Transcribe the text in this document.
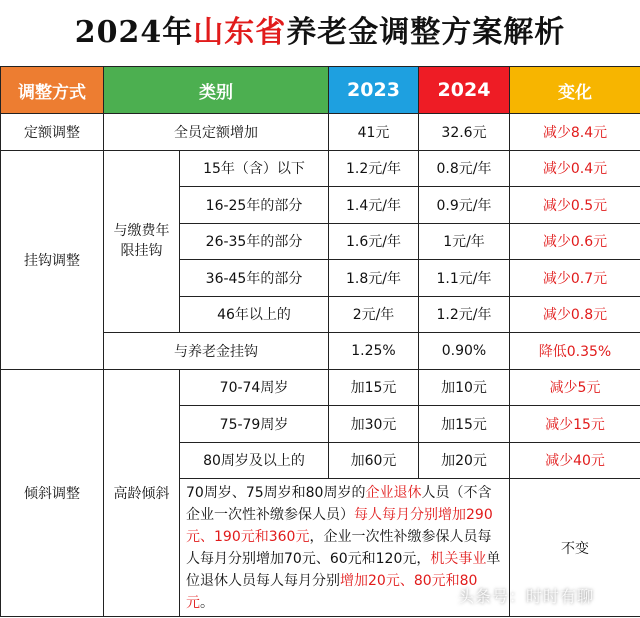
2024年山东省养老金调整方案解析
调整方式	类别		2023	2024	变化
定额调整	全员定额增加		41元	32.6元	减少8.4元
挂钩调整	与缴费年限挂钩	15年（含）以下	1.2元/年	0.8元/年	减少0.4元
		16-25年的部分	1.4元/年	0.9元/年	减少0.5元
		26-35年的部分	1.6元/年	1元/年	减少0.6元
		36-45年的部分	1.8元/年	1.1元/年	减少0.7元
		46年以上的	2元/年	1.2元/年	减少0.8元
	与养老金挂钩		1.25%	0.90%	降低0.35%
倾斜调整	高龄倾斜	70-74周岁	加15元	加10元	减少5元
		75-79周岁	加30元	加15元	减少15元
		80周岁及以上的	加60元	加20元	减少40元
		70周岁、75周岁和80周岁的企业退休人员（不含企业一次性补缴参保人员）每人每月分别增加290元、190元和360元，企业一次性补缴参保人员每人每月分别增加70元、60元和120元，机关事业单位退休人员每人每月分别增加20元、80元和80元。			不变
头条号：时时有聊
